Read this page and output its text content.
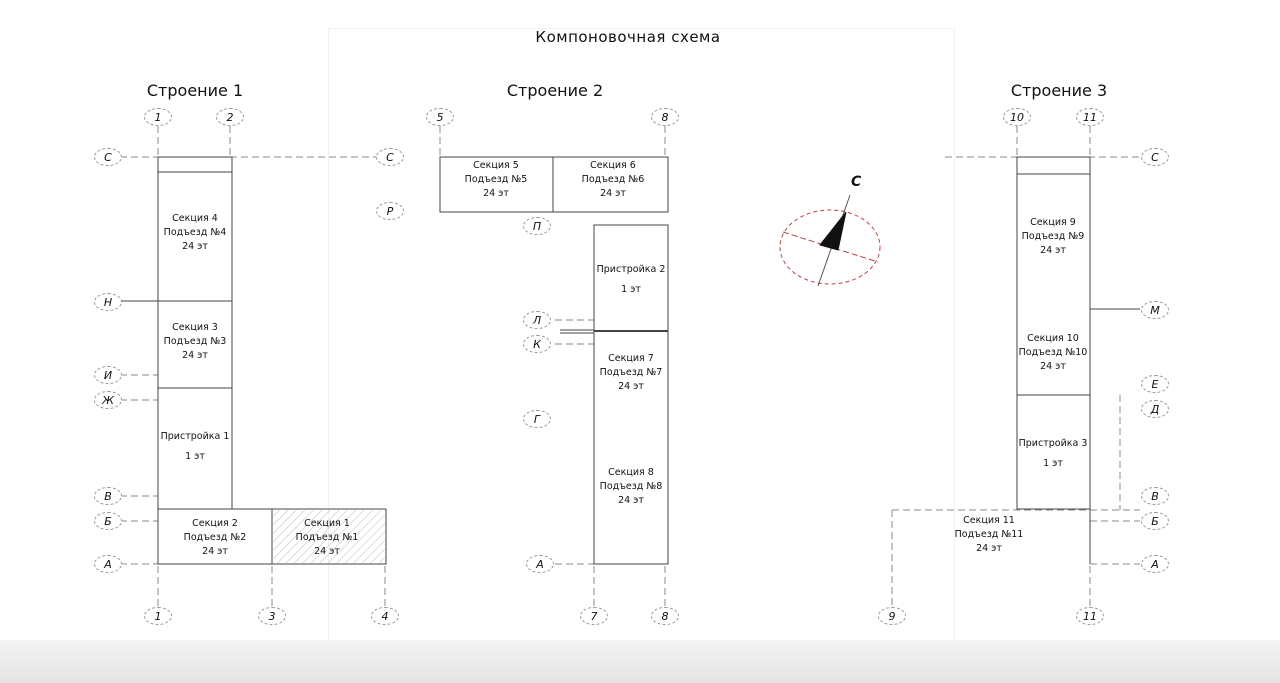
Компоновочная схема
Строение 1	Строение 2	Строение 3
1	2	5	8	10	11
1	3	4	7	8	9	11
С
Н
И
Ж
В
Б
А
С
Р
П
Л
К
Г
А
С
М
Е
Д
В
Б
А
С
Секция 4
Подъезд №4
24 эт
Секция 3
Подъезд №3
24 эт
Пристройка 1
1 эт
Секция 2
Подъезд №2
24 эт
Секция 1
Подъезд №1
24 эт
Секция 5
Подъезд №5
24 эт
Секция 6
Подъезд №6
24 эт
Пристройка 2
1 эт
Секция 7
Подъезд №7
24 эт
Секция 8
Подъезд №8
24 эт
Секция 9
Подъезд №9
24 эт
Секция 10
Подъезд №10
24 эт
Пристройка 3
1 эт
Секция 11
Подъезд №11
24 эт
